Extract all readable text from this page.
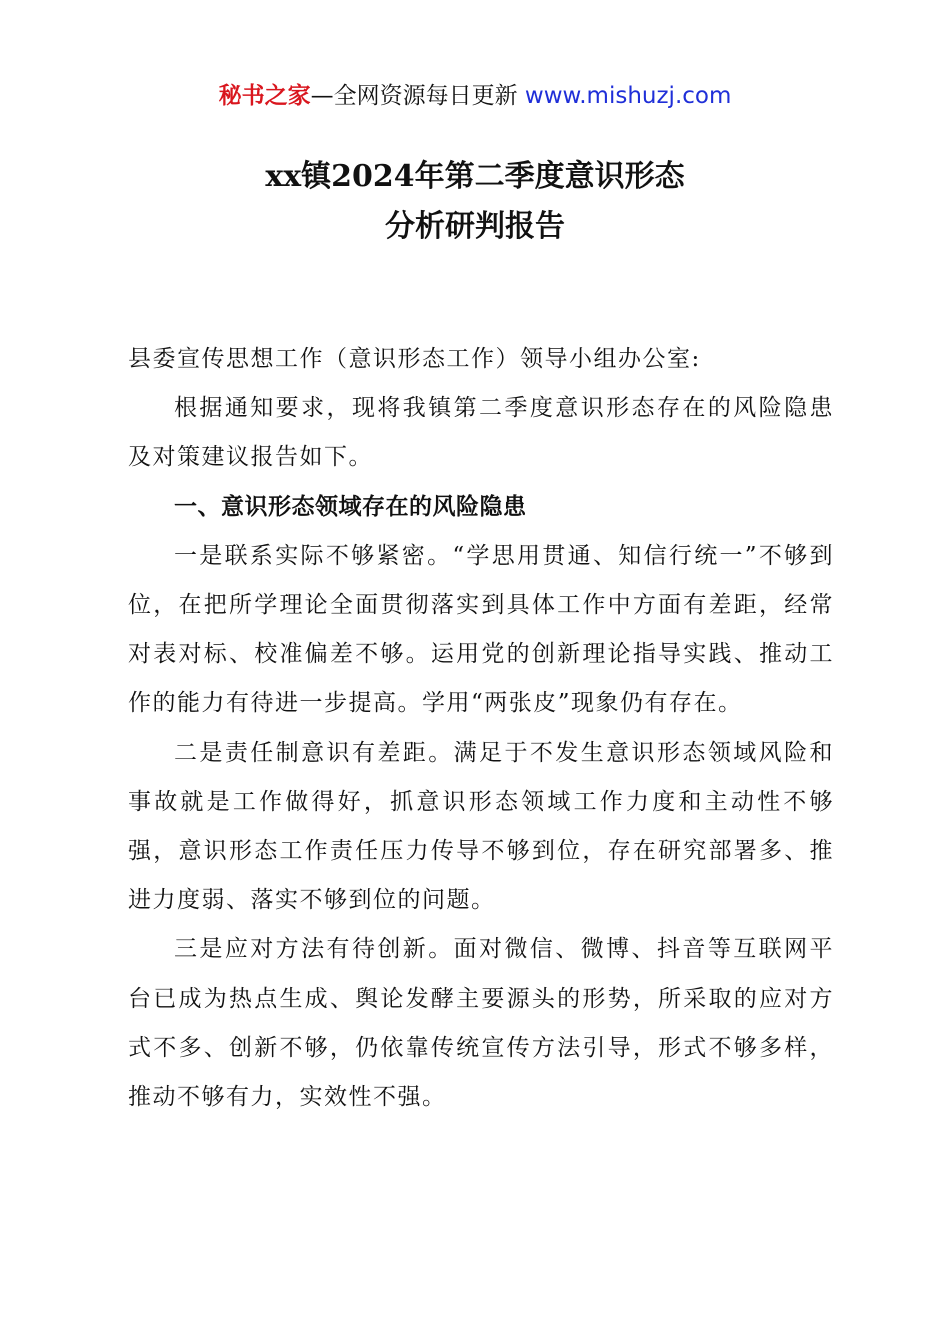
秘书之家—全网资源每日更新 www.mishuzj.com
xx镇2024年第二季度意识形态
分析研判报告

县委宣传思想工作（意识形态工作）领导小组办公室:

根据通知要求，现将我镇第二季度意识形态存在的风险隐患及对策建议报告如下。

一、意识形态领域存在的风险隐患

一是联系实际不够紧密。“学思用贯通、知信行统一”不够到位，在把所学理论全面贯彻落实到具体工作中方面有差距，经常对表对标、校准偏差不够。运用党的创新理论指导实践、推动工作的能力有待进一步提高。学用“两张皮”现象仍有存在。

二是责任制意识有差距。满足于不发生意识形态领域风险和事故就是工作做得好，抓意识形态领域工作力度和主动性不够强，意识形态工作责任压力传导不够到位，存在研究部署多、推进力度弱、落实不够到位的问题。

三是应对方法有待创新。面对微信、微博、抖音等互联网平台已成为热点生成、舆论发酵主要源头的形势，所采取的应对方式不多、创新不够，仍依靠传统宣传方法引导，形式不够多样，推动不够有力，实效性不强。
